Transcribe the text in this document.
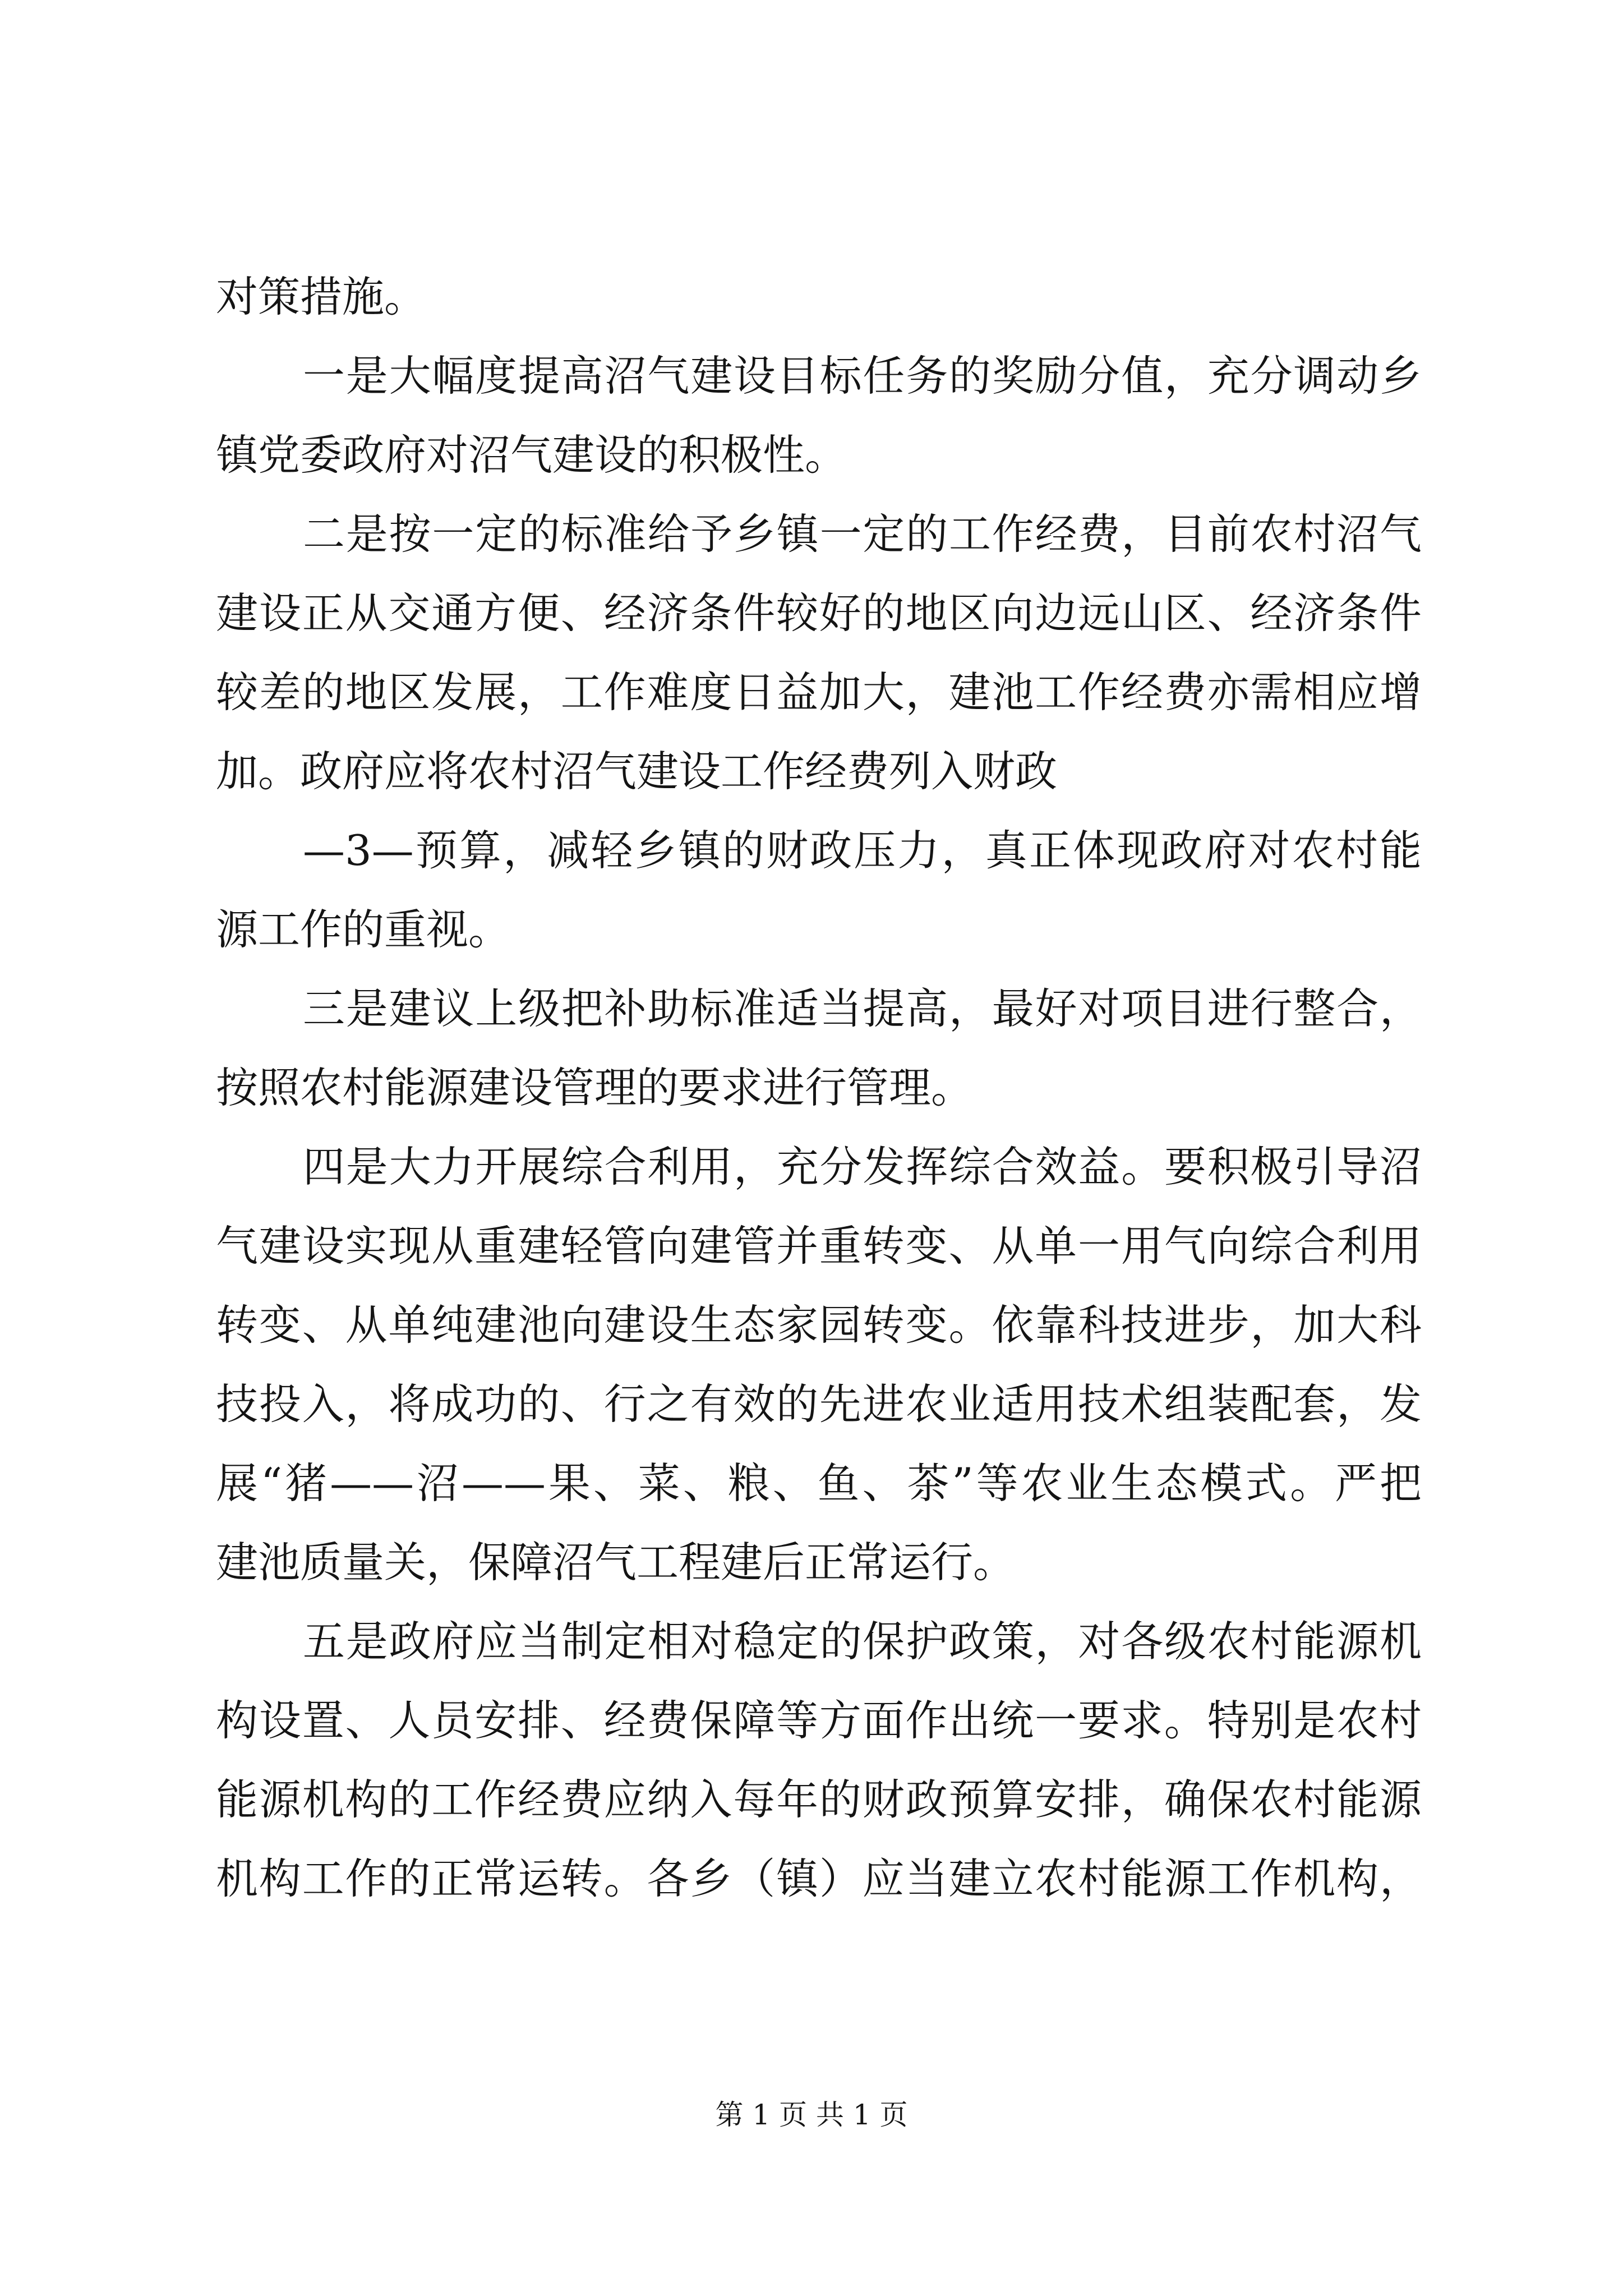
对策措施。
一是大幅度提高沼气建设目标任务的奖励分值，充分调动乡
镇党委政府对沼气建设的积极性。
二是按一定的标准给予乡镇一定的工作经费，目前农村沼气
建设正从交通方便、经济条件较好的地区向边远山区、经济条件
较差的地区发展，工作难度日益加大，建池工作经费亦需相应增
加。政府应将农村沼气建设工作经费列入财政
—3—预算，减轻乡镇的财政压力，真正体现政府对农村能
源工作的重视。
三是建议上级把补助标准适当提高，最好对项目进行整合，
按照农村能源建设管理的要求进行管理。
四是大力开展综合利用，充分发挥综合效益。要积极引导沼
气建设实现从重建轻管向建管并重转变、从单一用气向综合利用
转变、从单纯建池向建设生态家园转变。依靠科技进步，加大科
技投入，将成功的、行之有效的先进农业适用技术组装配套，发
展“猪——沼——果、菜、粮、鱼、茶”等农业生态模式。严把
建池质量关，保障沼气工程建后正常运行。
五是政府应当制定相对稳定的保护政策，对各级农村能源机
构设置、人员安排、经费保障等方面作出统一要求。特别是农村
能源机构的工作经费应纳入每年的财政预算安排，确保农村能源
机构工作的正常运转。各乡（镇）应当建立农村能源工作机构，
第 1 页 共 1 页
